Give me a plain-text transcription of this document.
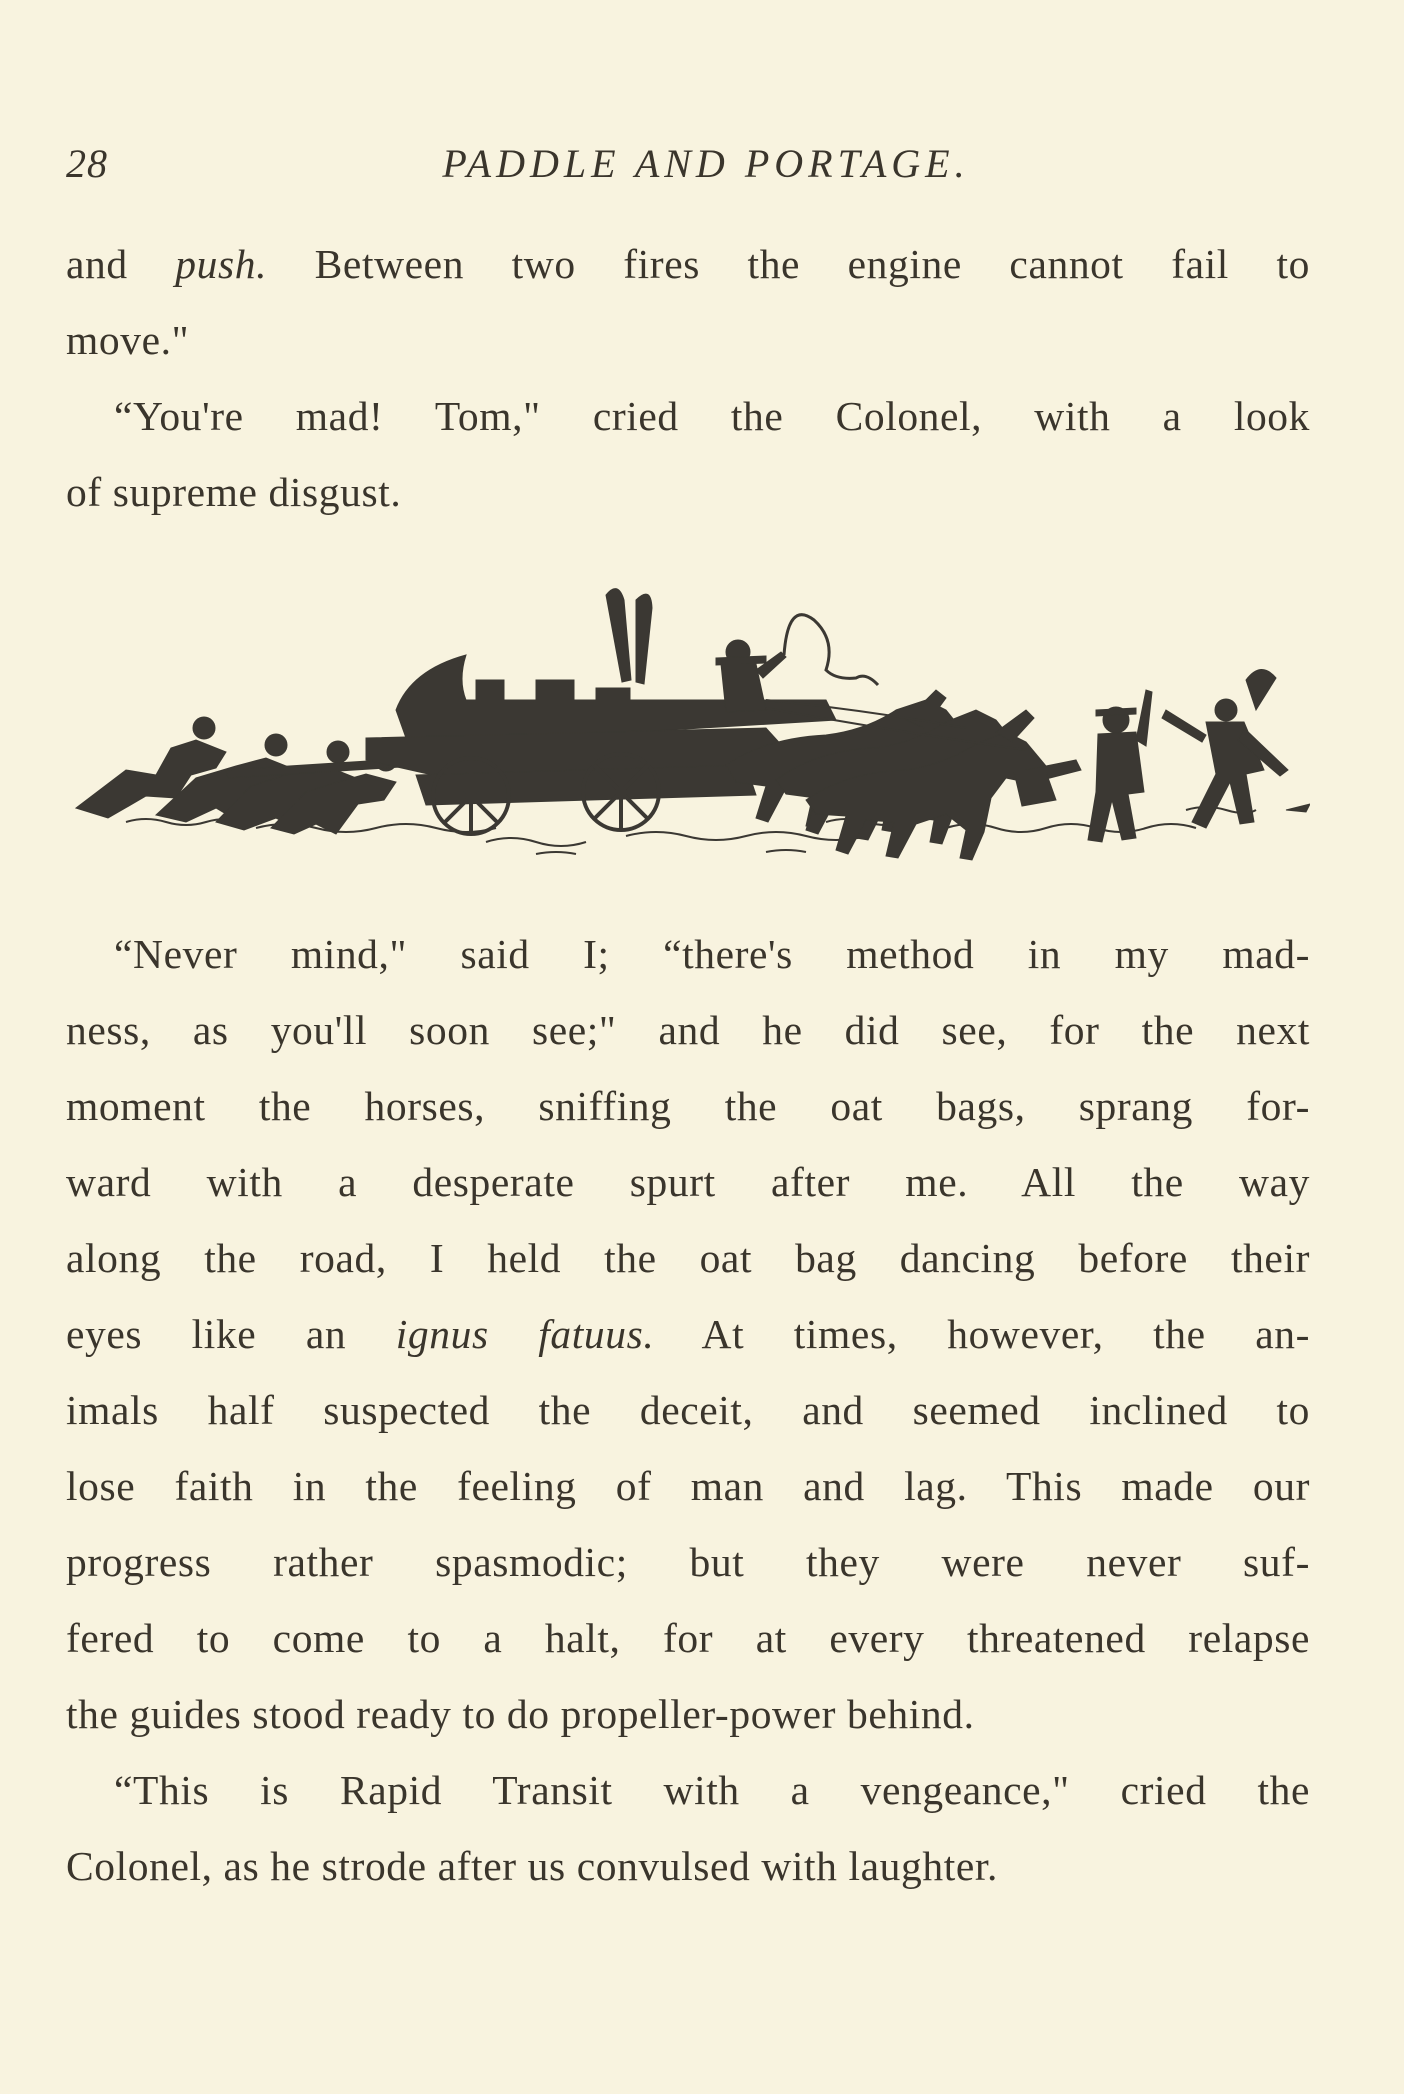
28	PADDLE AND PORTAGE.
and push. Between two fires the engine cannot fail to
move."
“You're mad! Tom," cried the Colonel, with a look
of supreme disgust.
“Never mind," said I; “there's method in my mad-
ness, as you'll soon see;" and he did see, for the next
moment the horses, sniffing the oat bags, sprang for-
ward with a desperate spurt after me. All the way
along the road, I held the oat bag dancing before their
eyes like an ignus fatuus. At times, however, the an-
imals half suspected the deceit, and seemed inclined to
lose faith in the feeling of man and lag. This made our
progress rather spasmodic; but they were never suf-
fered to come to a halt, for at every threatened relapse
the guides stood ready to do propeller-power behind.
“This is Rapid Transit with a vengeance," cried the
Colonel, as he strode after us convulsed with laughter.
